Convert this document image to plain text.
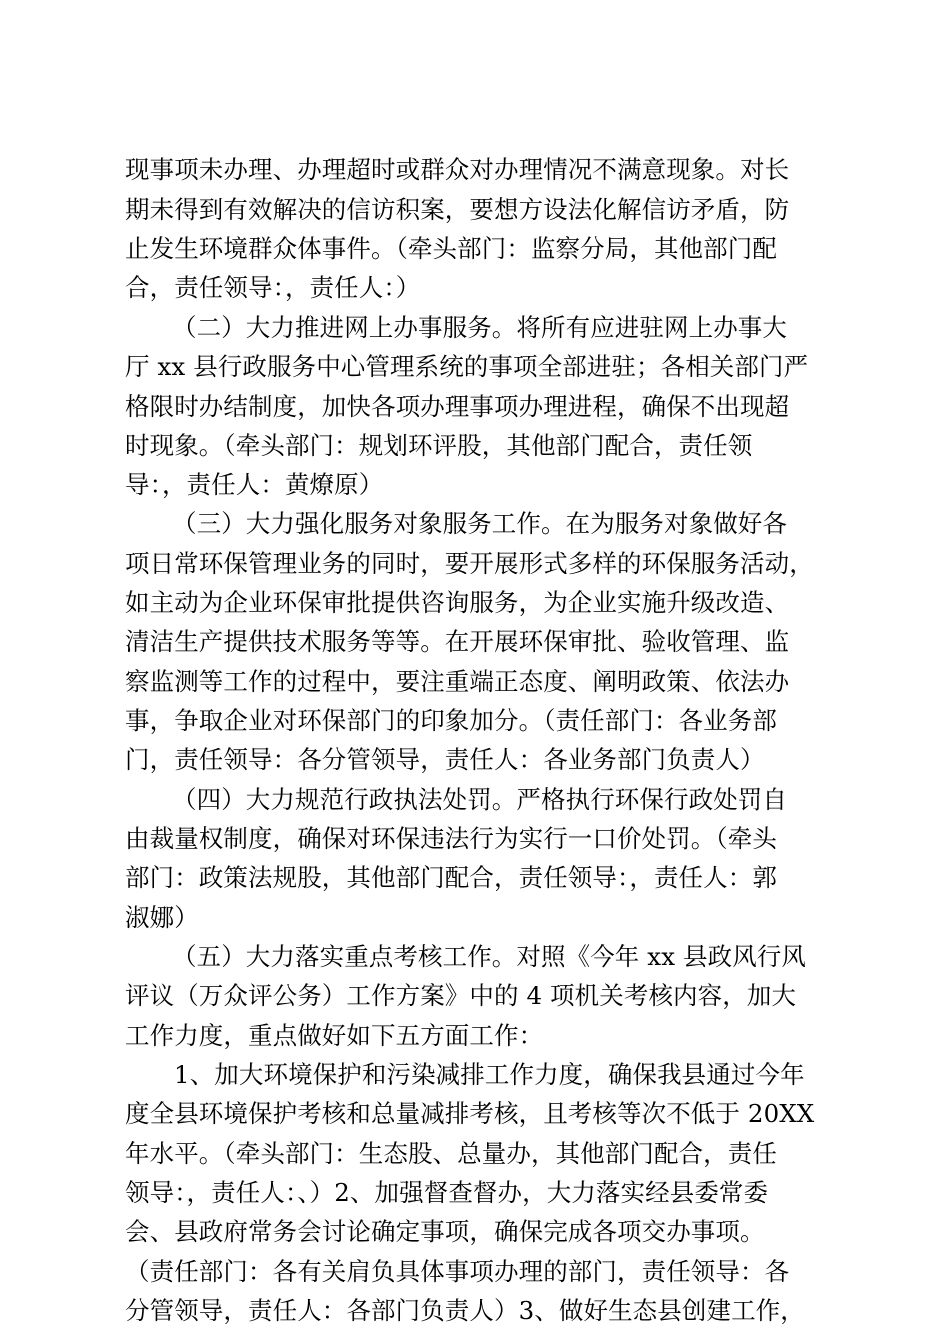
现事项未办理、办理超时或群众对办理情况不满意现象。对长
期未得到有效解决的信访积案，要想方设法化解信访矛盾，防
止发生环境群众体事件。（牵头部门：监察分局，其他部门配
合，责任领导：，责任人：）
（二）大力推进网上办事服务。将所有应进驻网上办事大
厅 xx 县行政服务中心管理系统的事项全部进驻；各相关部门严
格限时办结制度，加快各项办理事项办理进程，确保不出现超
时现象。（牵头部门：规划环评股，其他部门配合，责任领
导：，责任人：黄燎原）
（三）大力强化服务对象服务工作。在为服务对象做好各
项日常环保管理业务的同时，要开展形式多样的环保服务活动，
如主动为企业环保审批提供咨询服务，为企业实施升级改造、
清洁生产提供技术服务等等。在开展环保审批、验收管理、监
察监测等工作的过程中，要注重端正态度、阐明政策、依法办
事，争取企业对环保部门的印象加分。（责任部门：各业务部
门，责任领导：各分管领导，责任人：各业务部门负责人）
（四）大力规范行政执法处罚。严格执行环保行政处罚自
由裁量权制度，确保对环保违法行为实行一口价处罚。（牵头
部门：政策法规股，其他部门配合，责任领导：，责任人：郭
淑娜）
（五）大力落实重点考核工作。对照《今年 xx 县政风行风
评议（万众评公务）工作方案》中的 4 项机关考核内容，加大
工作力度，重点做好如下五方面工作：
1、加大环境保护和污染减排工作力度，确保我县通过今年
度全县环境保护考核和总量减排考核，且考核等次不低于 20XX
年水平。（牵头部门：生态股、总量办，其他部门配合，责任
领导：，责任人：、）2、加强督查督办，大力落实经县委常委
会、县政府常务会讨论确定事项，确保完成各项交办事项。
（责任部门：各有关肩负具体事项办理的部门，责任领导：各
分管领导，责任人：各部门负责人）3、做好生态县创建工作，
